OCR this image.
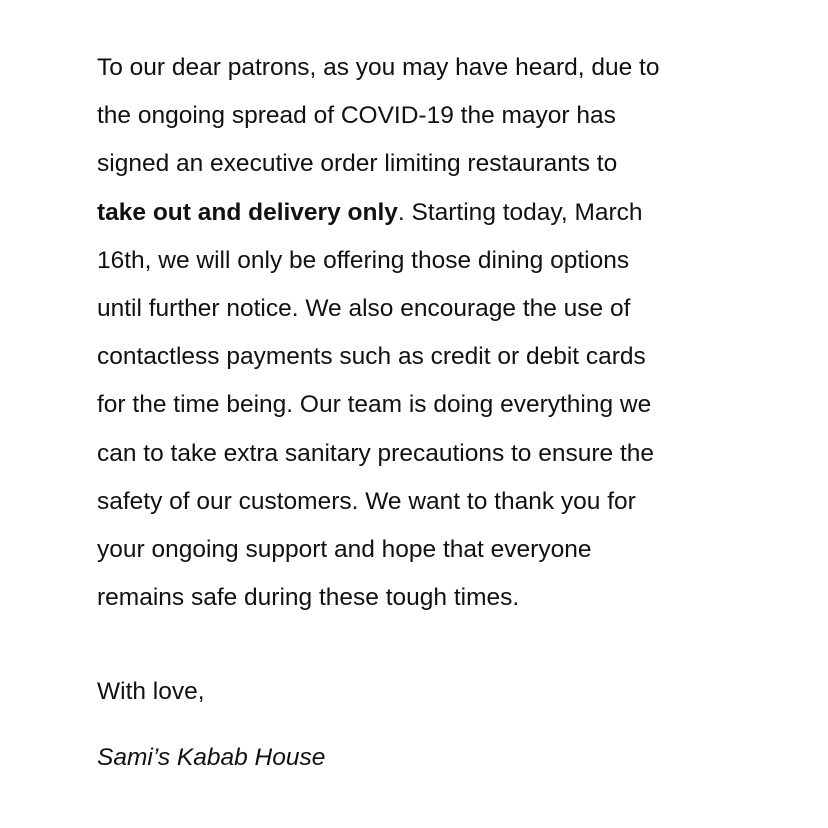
To our dear patrons, as you may have heard, due to
the ongoing spread of COVID-19 the mayor has
signed an executive order limiting restaurants to
take out and delivery only. Starting today, March
16th, we will only be offering those dining options
until further notice. We also encourage the use of
contactless payments such as credit or debit cards
for the time being. Our team is doing everything we
can to take extra sanitary precautions to ensure the
safety of our customers. We want to thank you for
your ongoing support and hope that everyone
remains safe during these tough times.
With love,
Sami’s Kabab House
